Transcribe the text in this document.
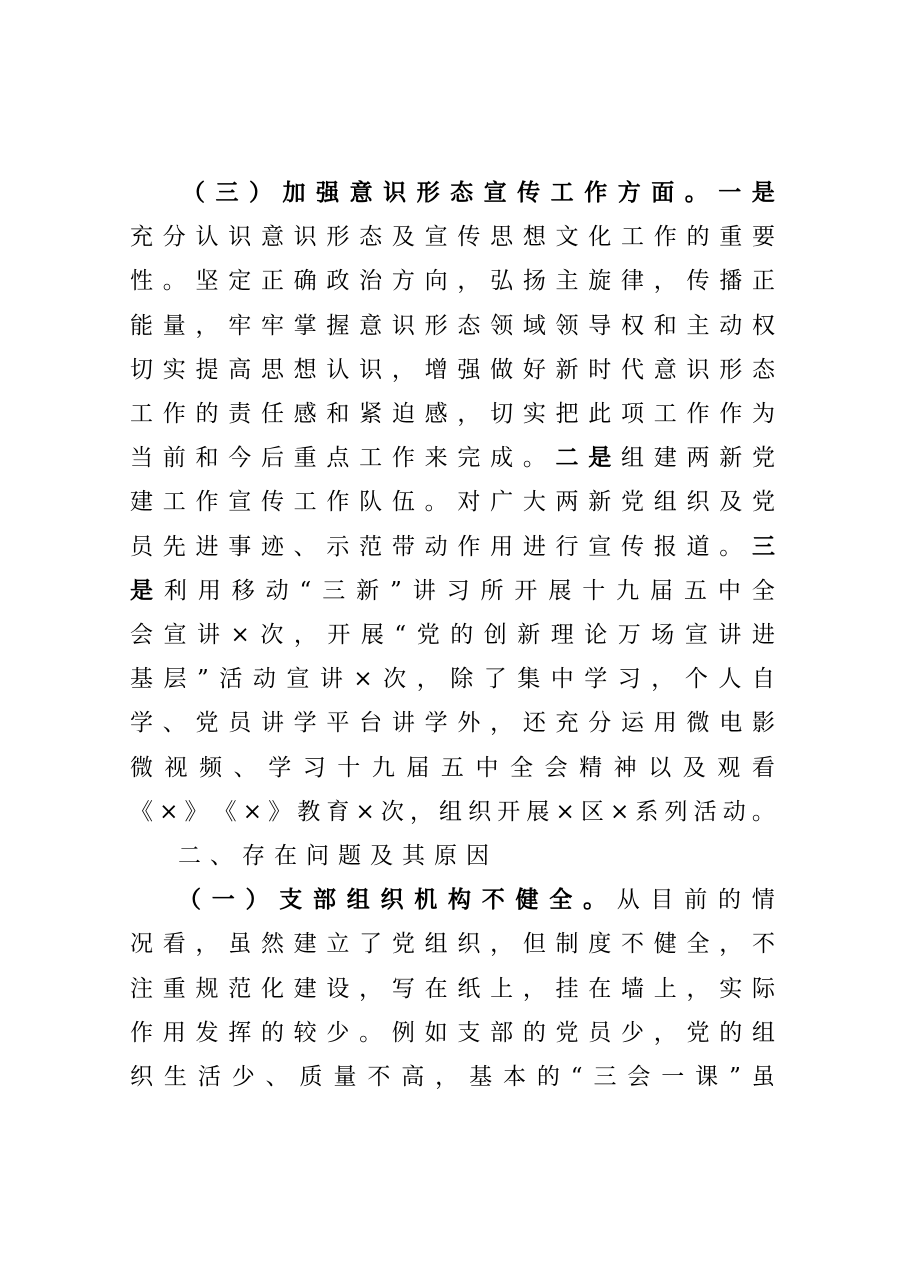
（ 三 ） 加 强 意 识 形 态 宣 传 工 作 方 面 。 一 是
充 分 认 识 意 识 形 态 及 宣 传 思 想 文 化 工 作 的 重 要
性 。 坚 定 正 确 政 治 方 向 ， 弘 扬 主 旋 律 ， 传 播 正
能 量 ， 牢 牢 掌 握 意 识 形 态 领 域 领 导 权 和 主 动 权
切 实 提 高 思 想 认 识 ， 增 强 做 好 新 时 代 意 识 形 态
工 作 的 责 任 感 和 紧 迫 感 ， 切 实 把 此 项 工 作 作 为
当 前 和 今 后 重 点 工 作 来 完 成 。 二 是 组 建 两 新 党
建 工 作 宣 传 工 作 队 伍 。 对 广 大 两 新 党 组 织 及 党
员 先 进 事 迹 、 示 范 带 动 作 用 进 行 宣 传 报 道 。 三
是 利 用 移 动 “ 三 新 ” 讲 习 所 开 展 十 九 届 五 中 全
会 宣 讲 × 次 ， 开 展 “ 党 的 创 新 理 论 万 场 宣 讲 进
基 层 ” 活 动 宣 讲 × 次 ， 除 了 集 中 学 习 ， 个 人 自
学 、 党 员 讲 学 平 台 讲 学 外 ， 还 充 分 运 用 微 电 影
微 视 频 、 学 习 十 九 届 五 中 全 会 精 神 以 及 观 看
《 × 》 《 × 》 教 育 × 次 ， 组 织 开 展 × 区 × 系 列 活 动 。
二 、 存 在 问 题 及 其 原 因
（ 一 ） 支 部 组 织 机 构 不 健 全 。 从 目 前 的 情
况 看 ， 虽 然 建 立 了 党 组 织 ， 但 制 度 不 健 全 ， 不
注 重 规 范 化 建 设 ， 写 在 纸 上 ， 挂 在 墙 上 ， 实 际
作 用 发 挥 的 较 少 。 例 如 支 部 的 党 员 少 ， 党 的 组
织 生 活 少 、 质 量 不 高 ， 基 本 的 “ 三 会 一 课 ” 虽
